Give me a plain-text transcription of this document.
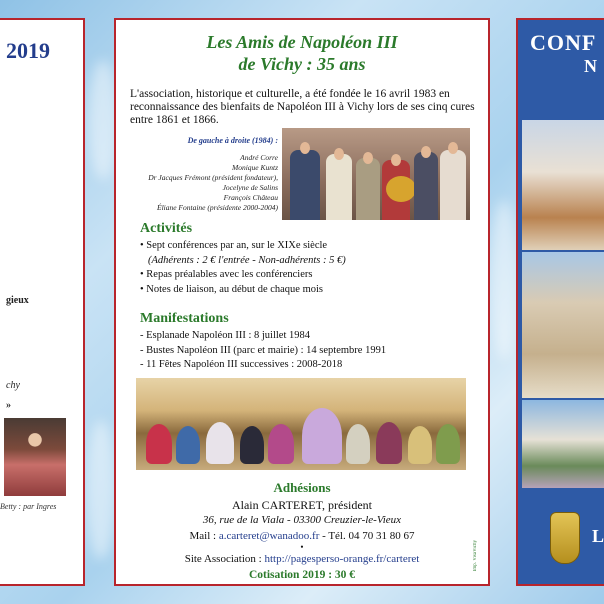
2019
gieux
chy
»
Betty : par Ingres
Les Amis de Napoléon III
de Vichy : 35 ans
L'association, historique et culturelle, a été fondée le 16 avril 1983 en reconnaissance des bienfaits de Napoléon III à Vichy lors de ses cinq cures entre 1861 et 1866.
De gauche à droite (1984) :
André Corre
Monique Kuntz
Dr Jacques Frémont (président fondateur),
Jocelyne de Salins
François Château
Éliane Fontaine (présidente 2000-2004)
Activités
• Sept conférences par an, sur le XIXe siècle
(Adhérents : 2 € l'entrée - Non-adhérents : 5 €)
• Repas préalables avec les conférenciers
• Notes de liaison, au début de chaque mois
Manifestations
- Esplanade Napoléon III : 8 juillet 1984
- Bustes Napoléon III (parc et mairie) : 14 septembre 1991
- 11 Fêtes Napoléon III successives : 2008-2018
Adhésions
Alain CARTERET, président
36, rue de la Viala - 03300 Creuzier-le-Vieux
Mail : a.carteret@wanadoo.fr - Tél. 04 70 31 80 67
•
Site Association : http://pagesperso-orange.fr/carteret
Cotisation 2019 : 30 €
Imp. VisaVichy
CONF
N
L
